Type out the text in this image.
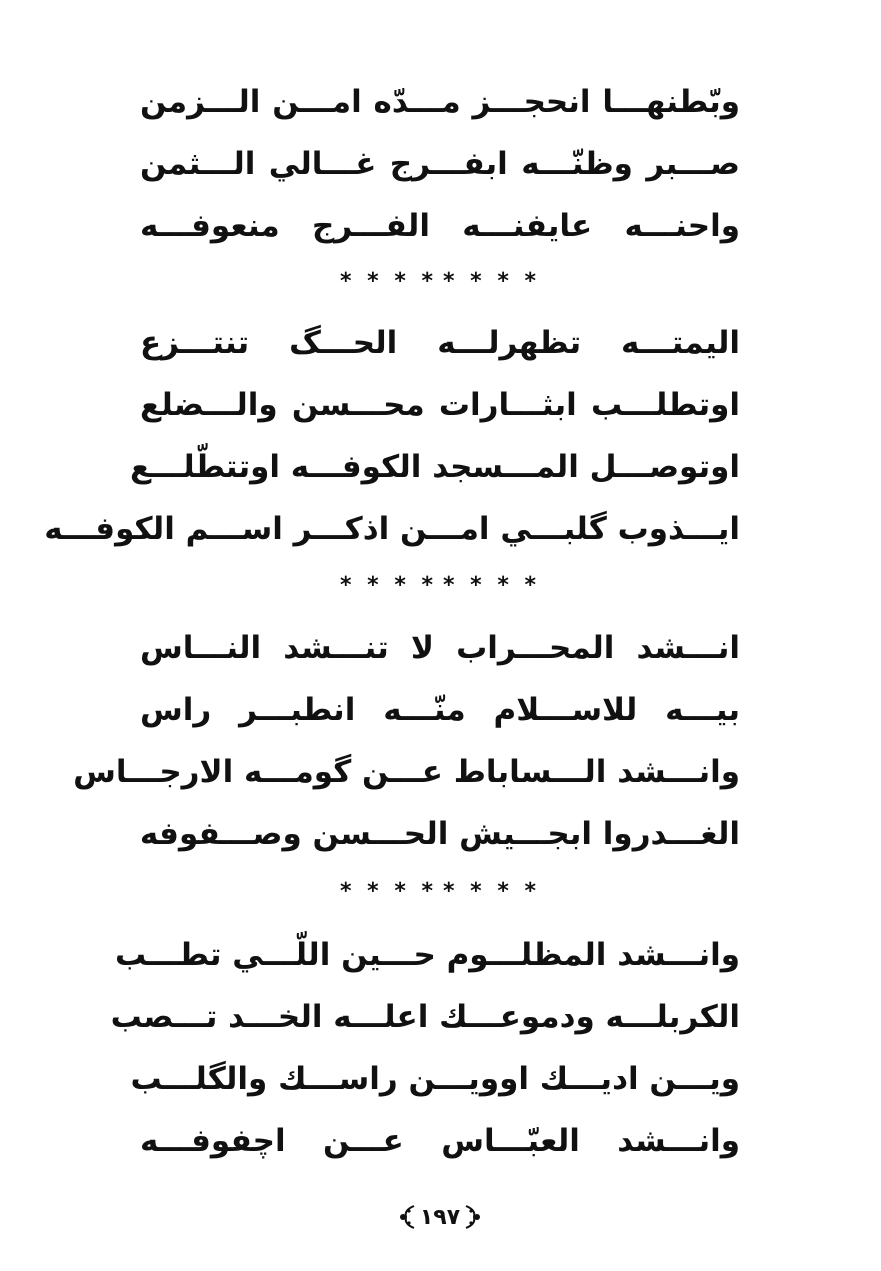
وبّطنهـــا انحجـــز مـــدّه امـــن الـــزمن
صـــبر وظنّـــه ابفـــرج غـــالي الـــثمن
واحنـــه عايفنـــه الفـــرج منعوفـــه
* * * * * * * *
اليمتـــه تظهرلـــه الحـــگ تنتـــزع
اوتطلـــب ابثـــارات محـــسن والـــضلع
اوتوصـــل المـــسجد الكوفـــه اوتتطّلـــع
ايـــذوب گلبـــي امـــن اذكـــر اســـم الكوفـــه
* * * * * * * *
انـــشد المحـــراب لا تنـــشد النـــاس
بيـــه للاســـلام منّـــه انطبـــر راس
وانـــشد الـــساباط عـــن گومـــه الارجـــاس
الغـــدروا ابجـــيش الحـــسن وصـــفوفه
* * * * * * * *
وانـــشد المظلـــوم حـــين اللّـــي تطـــب
الكربلـــه ودموعـــك اعلـــه الخـــد تـــصب
ويـــن اديـــك اوويـــن راســـك والگلـــب
وانـــشد العبّـــاس عـــن اچفوفـــه
١٩٧
